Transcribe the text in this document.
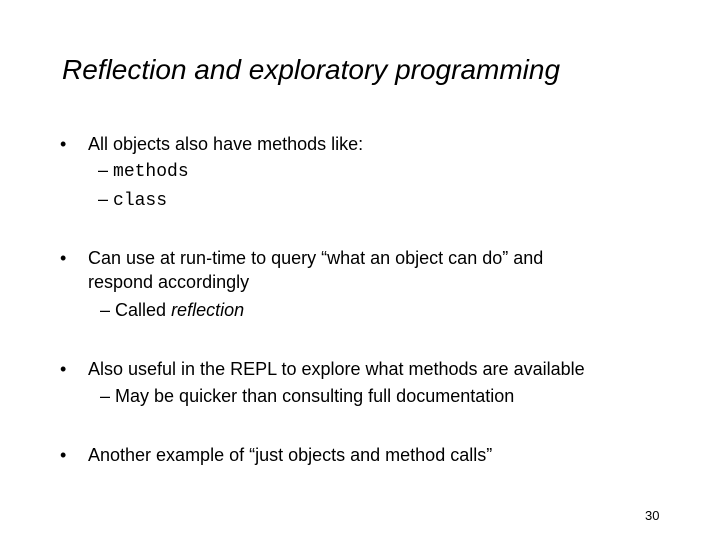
Reflection and exploratory programming
• All objects also have methods like:
– methods
– class
• Can use at run-time to query “what an object can do” and
respond accordingly
– Called reflection
• Also useful in the REPL to explore what methods are available
– May be quicker than consulting full documentation
• Another example of “just objects and method calls”
30
